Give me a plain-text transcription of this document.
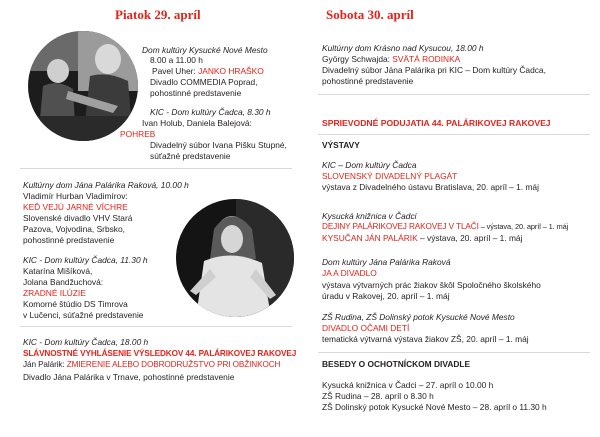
Piatok 29. apríl
Dom kultúry Kysucké Nové Mesto
8.00 a 11.00 h
Pavel Uher: JANKO HRAŠKO
Divadlo COMMEDIA Poprad,
pohostinné predstavenie
KIC - Dom kultúry Čadca, 8.30 h
Ivan Holub, Daniela Balejová:
POHREB
Divadelný súbor Ivana Pišku Stupné,
súťažné predstavenie
Kultúrny dom Jána Palárika Raková, 10.00 h
Vladimír Hurban Vladimírov:
KEĎ VEJÚ JARNÉ VÍCHRE
Slovenské divadlo VHV Stará
Pazova, Vojvodina, Srbsko,
pohostinné predstavenie
KIC - Dom kultúry Čadca, 11.30 h
Katarína Mišíková,
Jolana Bandžuchová:
ZRADNÉ ILÚZIE
Komorné štúdio DS Timrova
v Lučenci, súťažné predstavenie
KIC - Dom kultúry Čadca, 18.00 h
SLÁVNOSTNÉ VYHLÁSENIE VÝSLEDKOV 44. PALÁRIKOVEJ RAKOVEJ
Ján Palárik: ZMIERENIE ALEBO DOBRODRUŽSTVO PRI OBŽINKOCH
Divadlo Jána Palárika v Trnave, pohostinné predstavenie
Sobota 30. apríl
Kultúrny dom Krásno nad Kysucou, 18.00 h
György Schwajda: SVÄTÁ RODINKA
Divadelný súbor Jána Palárika pri KIC – Dom kultúry Čadca,
pohostinné predstavenie
SPRIEVODNÉ PODUJATIA 44. PALÁRIKOVEJ RAKOVEJ
VÝSTAVY
KIC – Dom kultúry Čadca
SLOVENSKÝ DIVADELNÝ PLAGÁT
výstava z Divadelného ústavu Bratislava, 20. apríl – 1. máj
Kysucká knižnica v Čadci
DEJINY PALÁRIKOVEJ RAKOVEJ V TLAČI – výstava, 20. apríl – 1. máj
KYSUČAN JÁN PALÁRIK – výstava, 20. apríl – 1. máj
Dom kultúry Jána Palárika Raková
JA A DIVADLO
výstava výtvarných prác žiakov škôl Spoločného školského
úradu v Rakovej, 20. apríl – 1. máj
ZŠ Rudina, ZŠ Dolinský potok Kysucké Nové Mesto
DIVADLO OČAMI DETÍ
tematická výtvarná výstava žiakov ZŠ, 20. apríl – 1. máj
BESEDY O OCHOTNÍCKOM DIVADLE
Kysucká knižnica v Čadci – 27. apríl o 10.00 h
ZŠ Rudina – 28. apríl o 8.30 h
ZŠ Dolinský potok Kysucké Nové Mesto – 28. apríl o 11.30 h
